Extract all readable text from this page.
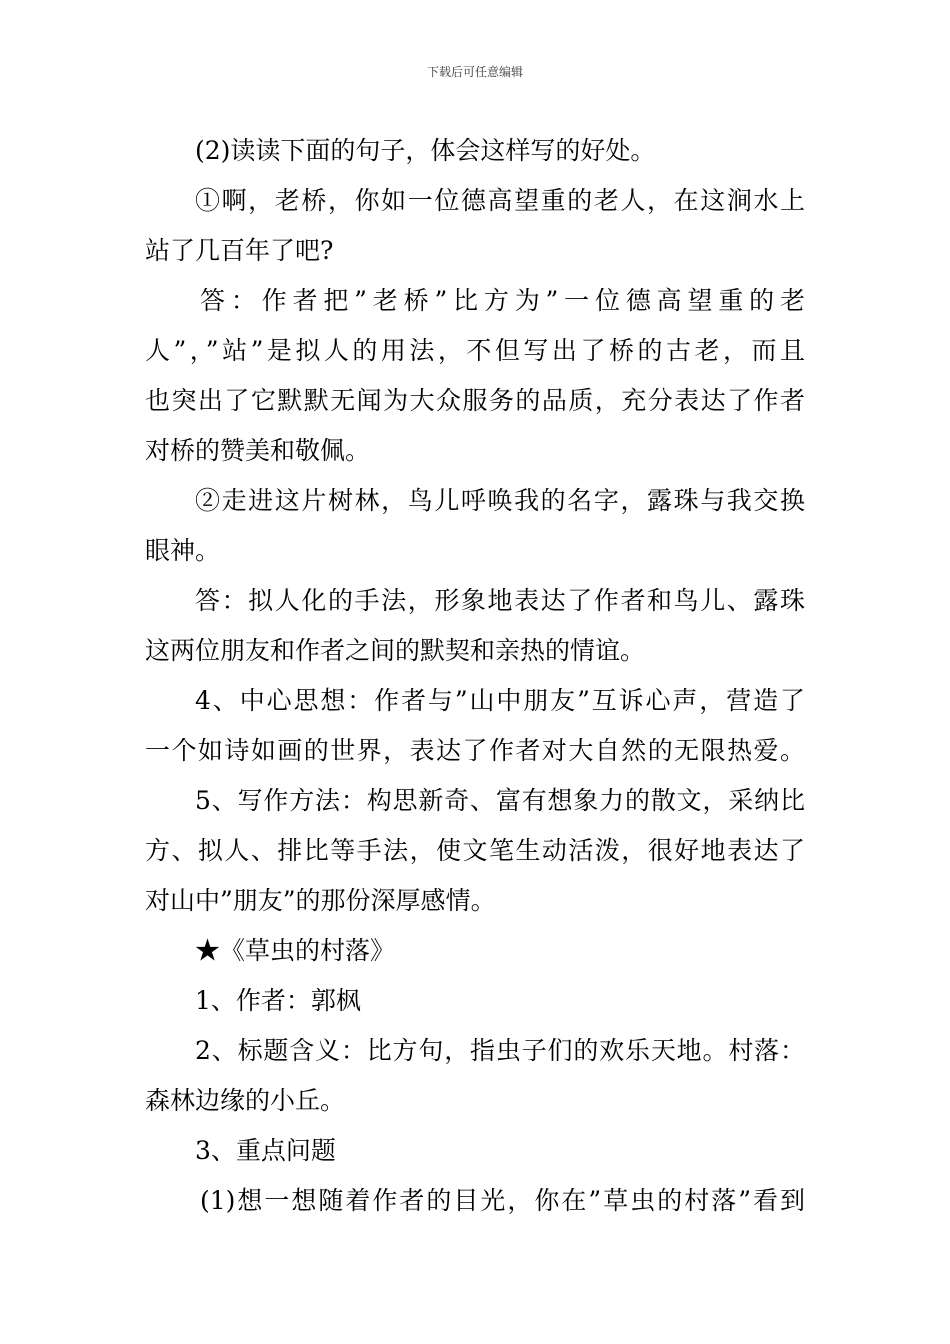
下载后可任意编辑

(2)读读下面的句子，体会这样写的好处。

①啊，老桥，你如一位德高望重的老人，在这涧水上

站了几百年了吧?

答：作者把”老桥”比方为”一位德高望重的老

人”，”站”是拟人的用法，不但写出了桥的古老，而且

也突出了它默默无闻为大众服务的品质，充分表达了作者

对桥的赞美和敬佩。

②走进这片树林，鸟儿呼唤我的名字，露珠与我交换

眼神。

答：拟人化的手法，形象地表达了作者和鸟儿、露珠

这两位朋友和作者之间的默契和亲热的情谊。

4、中心思想：作者与”山中朋友”互诉心声，营造了

一个如诗如画的世界，表达了作者对大自然的无限热爱。

5、写作方法：构思新奇、富有想象力的散文，采纳比

方、拟人、排比等手法，使文笔生动活泼，很好地表达了

对山中”朋友”的那份深厚感情。

★《草虫的村落》

1、作者：郭枫

2、标题含义：比方句，指虫子们的欢乐天地。村落：

森林边缘的小丘。

3、重点问题

(1)想一想随着作者的目光，你在”草虫的村落”看到
